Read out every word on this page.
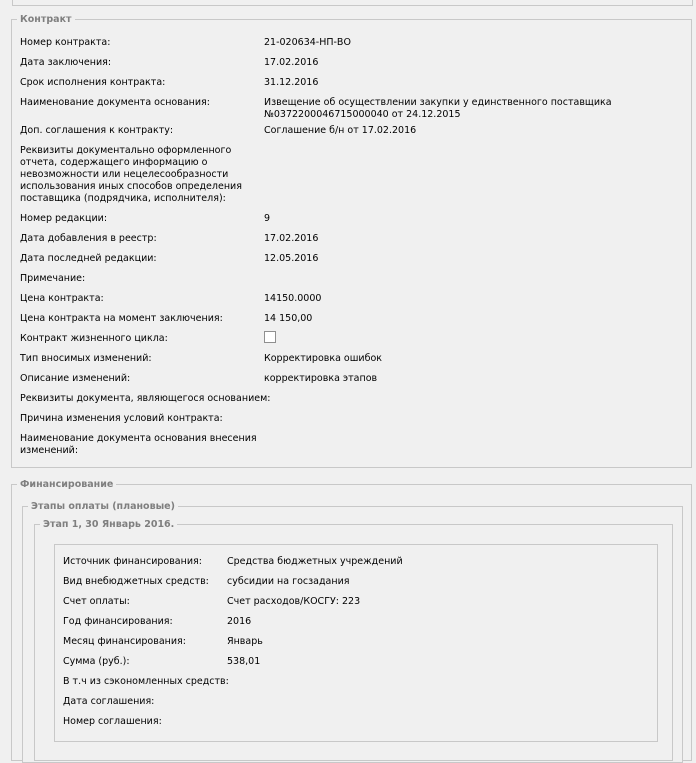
Контракт
Номер контракта:	21-020634-НП-ВО
Дата заключения:	17.02.2016
Срок исполнения контракта:	31.12.2016
Наименование документа основания:	Извещение об осуществлении закупки у единственного поставщика
№0372200046715000040 от 24.12.2015
Доп. соглашения к контракту:	Соглашение б/н от 17.02.2016
Реквизиты документально оформленного
отчета, содержащего информацию о
невозможности или нецелесообразности
использования иных способов определения
поставщика (подрядчика, исполнителя):
Номер редакции:	9
Дата добавления в реестр:	17.02.2016
Дата последней редакции:	12.05.2016
Примечание:
Цена контракта:	14150.0000
Цена контракта на момент заключения:	14 150,00
Контракт жизненного цикла:
Тип вносимых изменений:	Корректировка ошибок
Описание изменений:	корректировка этапов
Реквизиты документа, являющегося основанием:
Причина изменения условий контракта:
Наименование документа основания внесения
изменений:
Финансирование
Этапы оплаты (плановые)
Этап 1, 30 Январь 2016.
Источник финансирования:	Средства бюджетных учреждений
Вид внебюджетных средств: субсидии на госзадания
Счет оплаты:	Счет расходов/КОСГУ: 223
Год финансирования:	2016
Месяц финансирования:	Январь
Сумма (руб.):	538,01
В т.ч из сэкономленных средств:
Дата соглашения:
Номер соглашения:
